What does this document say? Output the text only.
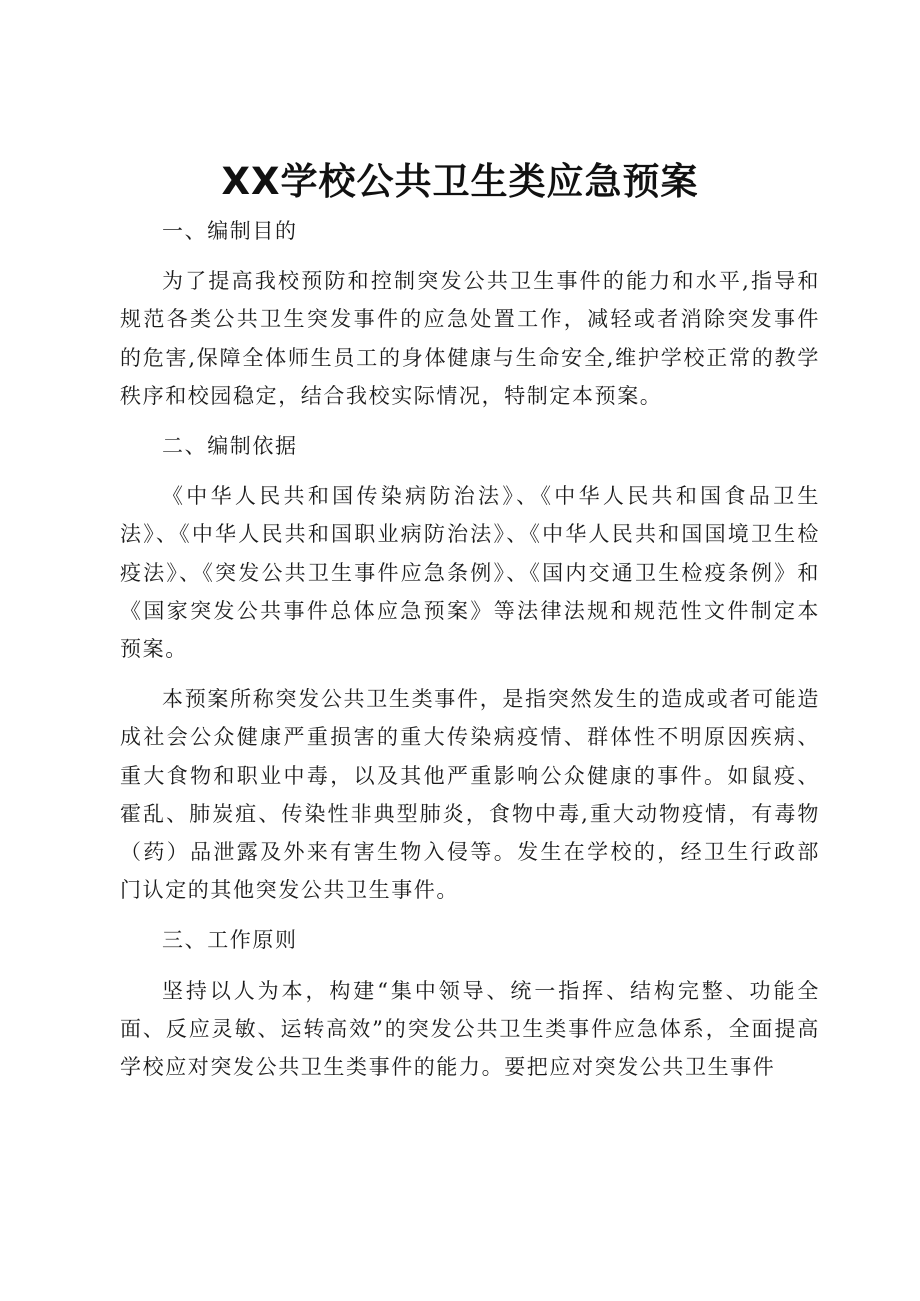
XX学校公共卫生类应急预案

一、编制目的

为了提高我校预防和控制突发公共卫生事件的能力和水平,指导和规范各类公共卫生突发事件的应急处置工作，减轻或者消除突发事件的危害,保障全体师生员工的身体健康与生命安全,维护学校正常的教学秩序和校园稳定，结合我校实际情况，特制定本预案。

二、编制依据

《中华人民共和国传染病防治法》、《中华人民共和国食品卫生法》、《中华人民共和国职业病防治法》、《中华人民共和国国境卫生检疫法》、《突发公共卫生事件应急条例》、《国内交通卫生检疫条例》和《国家突发公共事件总体应急预案》等法律法规和规范性文件制定本预案。

本预案所称突发公共卫生类事件，是指突然发生的造成或者可能造成社会公众健康严重损害的重大传染病疫情、群体性不明原因疾病、重大食物和职业中毒，以及其他严重影响公众健康的事件。如鼠疫、霍乱、肺炭疽、传染性非典型肺炎，食物中毒,重大动物疫情，有毒物（药）品泄露及外来有害生物入侵等。发生在学校的，经卫生行政部门认定的其他突发公共卫生事件。

三、工作原则

坚持以人为本，构建“集中领导、统一指挥、结构完整、功能全面、反应灵敏、运转高效”的突发公共卫生类事件应急体系，全面提高学校应对突发公共卫生类事件的能力。要把应对突发公共卫生事件
